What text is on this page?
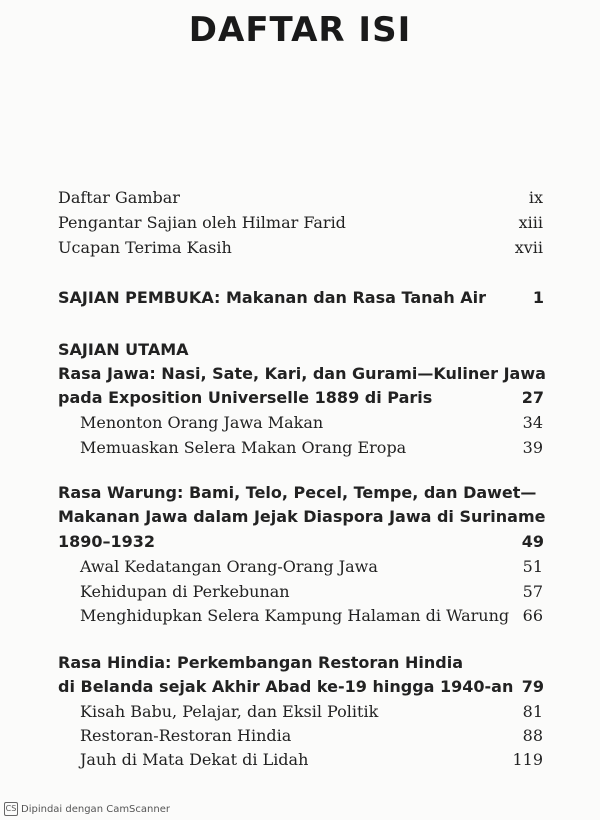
DAFTAR ISI
Daftar Gambar	ix
Pengantar Sajian oleh Hilmar Farid	xiii
Ucapan Terima Kasih	xvii
SAJIAN PEMBUKA: Makanan dan Rasa Tanah Air	1
SAJIAN UTAMA
Rasa Jawa: Nasi, Sate, Kari, dan Gurami—Kuliner Jawa
pada Exposition Universelle 1889 di Paris	27
Menonton Orang Jawa Makan	34
Memuaskan Selera Makan Orang Eropa	39
Rasa Warung: Bami, Telo, Pecel, Tempe, dan Dawet—
Makanan Jawa dalam Jejak Diaspora Jawa di Suriname
1890–1932	49
Awal Kedatangan Orang-Orang Jawa	51
Kehidupan di Perkebunan	57
Menghidupkan Selera Kampung Halaman di Warung 66
Rasa Hindia: Perkembangan Restoran Hindia
di Belanda sejak Akhir Abad ke-19 hingga 1940-an 79
Kisah Babu, Pelajar, dan Eksil Politik	81
Restoran-Restoran Hindia	88
Jauh di Mata Dekat di Lidah	119
CS Dipindai dengan CamScanner
